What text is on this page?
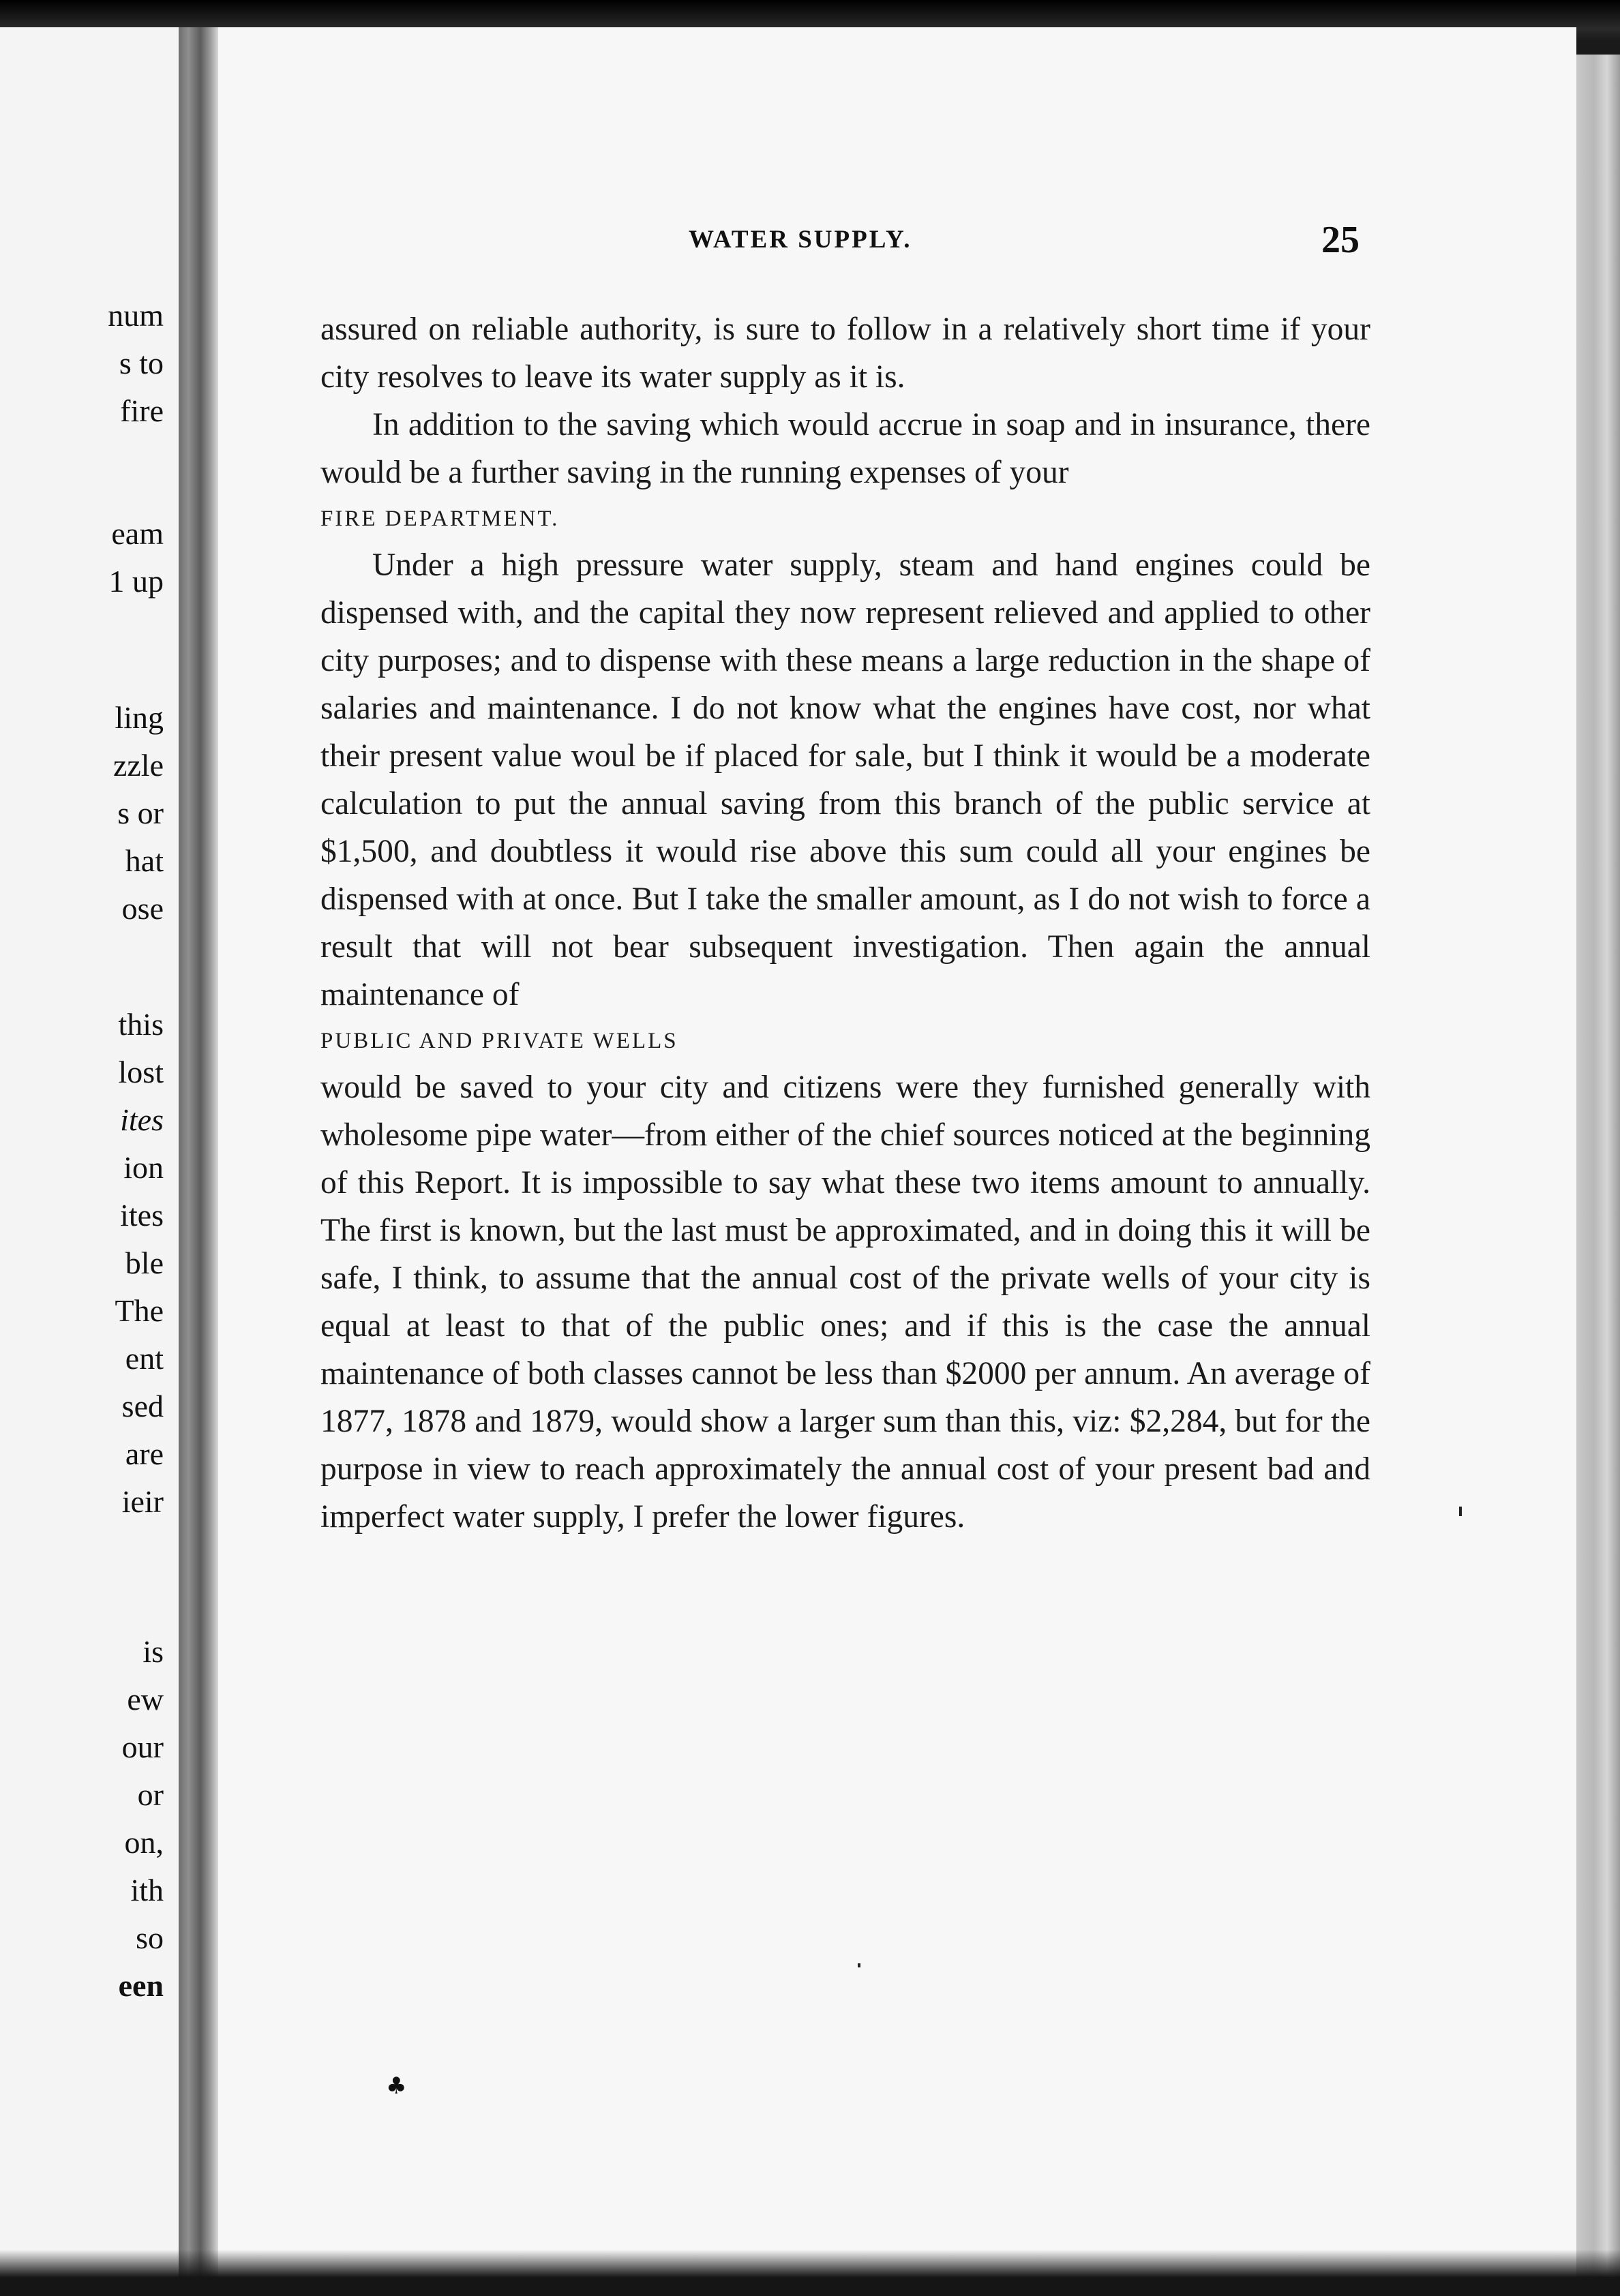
num
s to
fire
eam
1 up
ling
zzle
s or
hat
ose
this
lost
ites
ion
ites
ble
The
ent
sed
are
ieir
is
ew
our
or
on,
ith
so
een
WATER SUPPLY.	25

assured on reliable authority, is sure to follow in a relatively short time if your city resolves to leave its water supply as it is.

In addition to the saving which would accrue in soap and in insurance, there would be a further saving in the running expenses of your

FIRE DEPARTMENT.

Under a high pressure water supply, steam and hand engines could be dispensed with, and the capital they now represent relieved and applied to other city purposes; and to dispense with these means a large reduction in the shape of salaries and maintenance. I do not know what the engines have cost, nor what their present value woul be if placed for sale, but I think it would be a moderate calculation to put the annual saving from this branch of the public service at $1,500, and doubtless it would rise above this sum could all your engines be dispensed with at once. But I take the smaller amount, as I do not wish to force a result that will not bear subsequent investigation. Then again the annual maintenance of

PUBLIC AND PRIVATE WELLS

would be saved to your city and citizens were they furnished generally with wholesome pipe water—from either of the chief sources noticed at the beginning of this Report. It is impossible to say what these two items amount to annually. The first is known, but the last must be approximated, and in doing this it will be safe, I think, to assume that the annual cost of the private wells of your city is equal at least to that of the public ones; and if this is the case the annual maintenance of both classes cannot be less than $2000 per annum. An average of 1877, 1878 and 1879, would show a larger sum than this, viz: $2,284, but for the purpose in view to reach approximately the annual cost of your present bad and imperfect water supply, I prefer the lower figures.

♣
